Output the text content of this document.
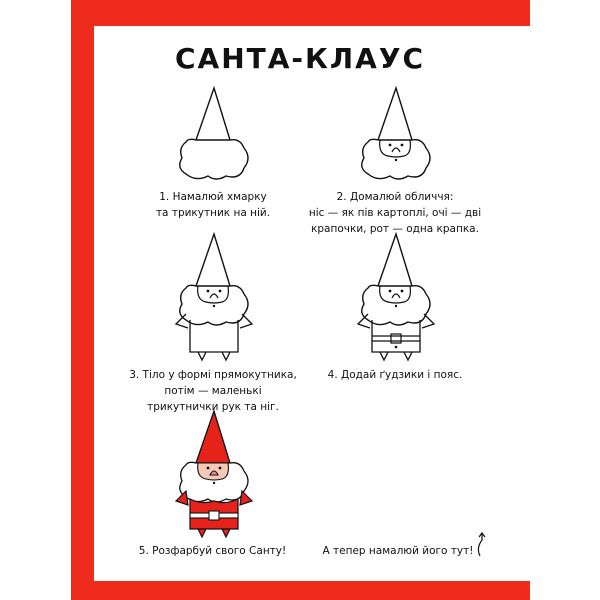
САНТА-КЛАУС
1. Намалюй хмарку
та трикутник на ній.
2. Домалюй обличчя:
ніс — як пів картоплі, очі — дві
крапочки, рот — одна крапка.
3. Тіло у формі прямокутника,
потім — маленькі
трикутнички рук та ніг.
4. Додай ґудзики і пояс.
5. Розфарбуй свого Санту!	А тепер намалюй його тут!
